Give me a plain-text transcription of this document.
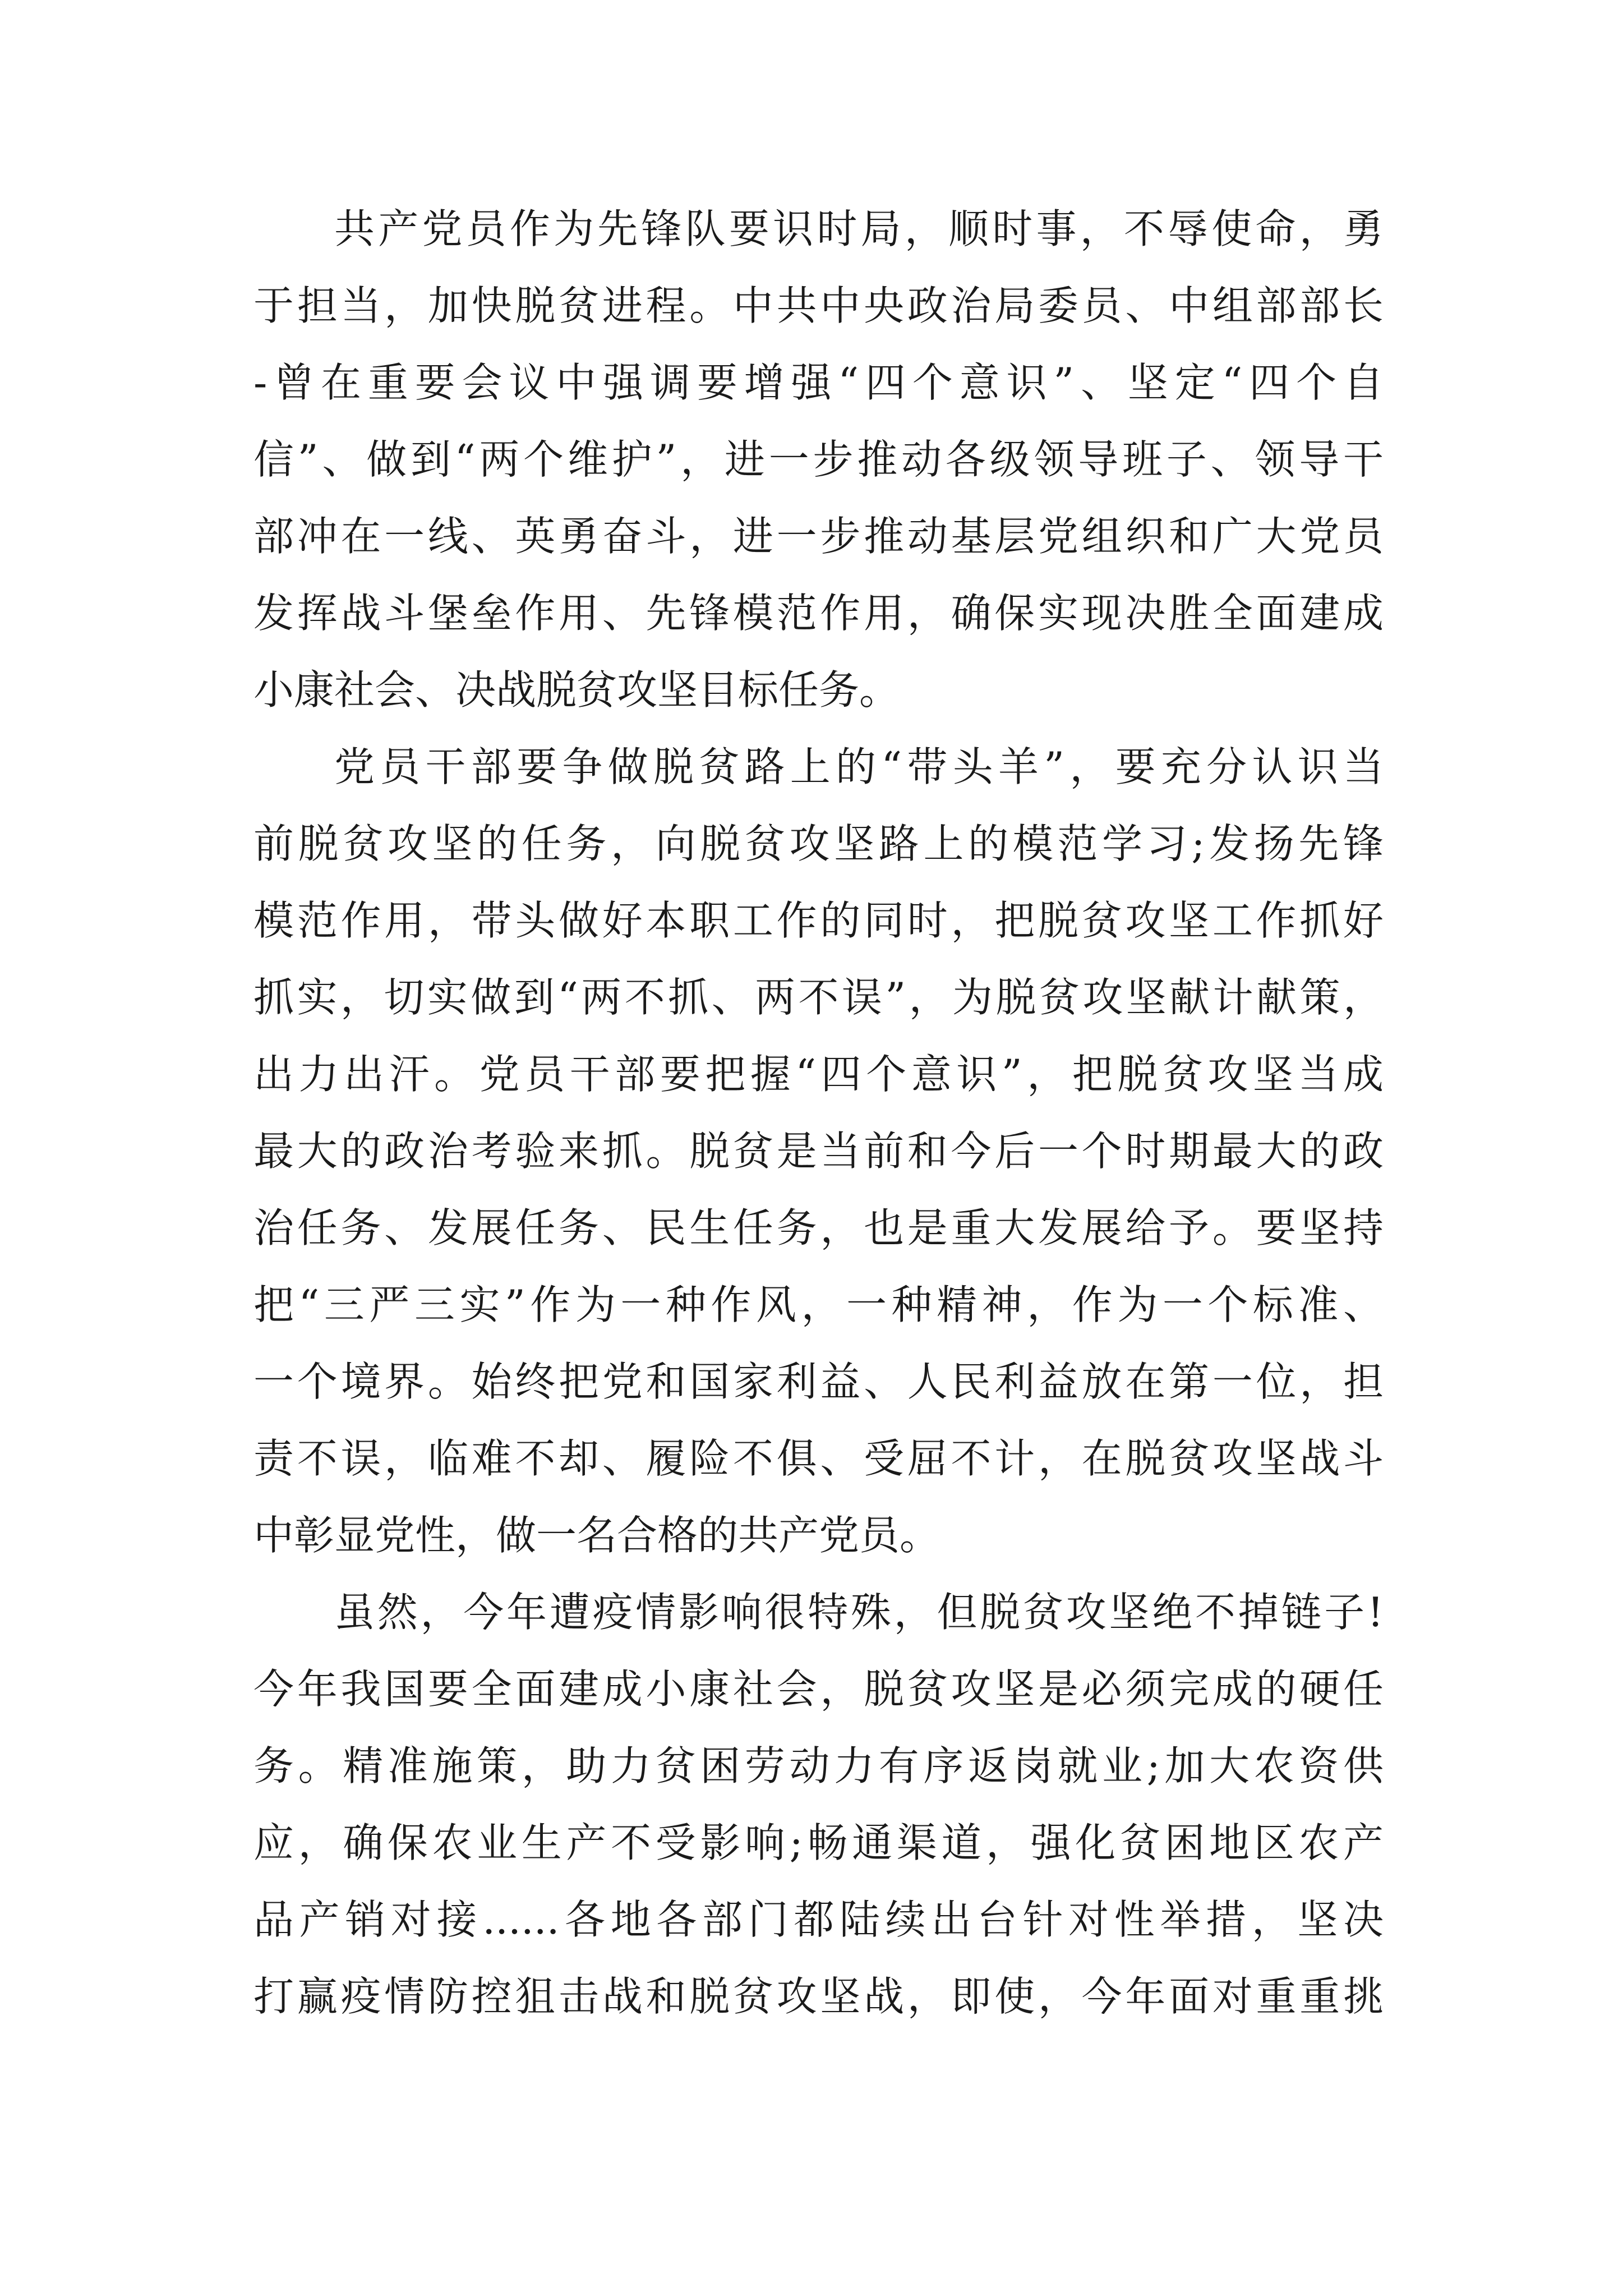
共产党员作为先锋队要识时局，顺时事，不辱使命，勇
于担当，加快脱贫进程。中共中央政治局委员、中组部部长
-曾在重要会议中强调要增强“四个意识”、坚定“四个自
信”、做到“两个维护”，进一步推动各级领导班子、领导干
部冲在一线、英勇奋斗，进一步推动基层党组织和广大党员
发挥战斗堡垒作用、先锋模范作用，确保实现决胜全面建成
小康社会、决战脱贫攻坚目标任务。
党员干部要争做脱贫路上的“带头羊”，要充分认识当
前脱贫攻坚的任务，向脱贫攻坚路上的模范学习;发扬先锋
模范作用，带头做好本职工作的同时，把脱贫攻坚工作抓好
抓实，切实做到“两不抓、两不误”，为脱贫攻坚献计献策，
出力出汗。党员干部要把握“四个意识”，把脱贫攻坚当成
最大的政治考验来抓。脱贫是当前和今后一个时期最大的政
治任务、发展任务、民生任务，也是重大发展给予。要坚持
把“三严三实”作为一种作风，一种精神，作为一个标准、
一个境界。始终把党和国家利益、人民利益放在第一位，担
责不误，临难不却、履险不俱、受屈不计，在脱贫攻坚战斗
中彰显党性，做一名合格的共产党员。
虽然，今年遭疫情影响很特殊，但脱贫攻坚绝不掉链子!
今年我国要全面建成小康社会，脱贫攻坚是必须完成的硬任
务。精准施策，助力贫困劳动力有序返岗就业;加大农资供
应，确保农业生产不受影响;畅通渠道，强化贫困地区农产
品产销对接......各地各部门都陆续出台针对性举措，坚决
打赢疫情防控狙击战和脱贫攻坚战，即使，今年面对重重挑
